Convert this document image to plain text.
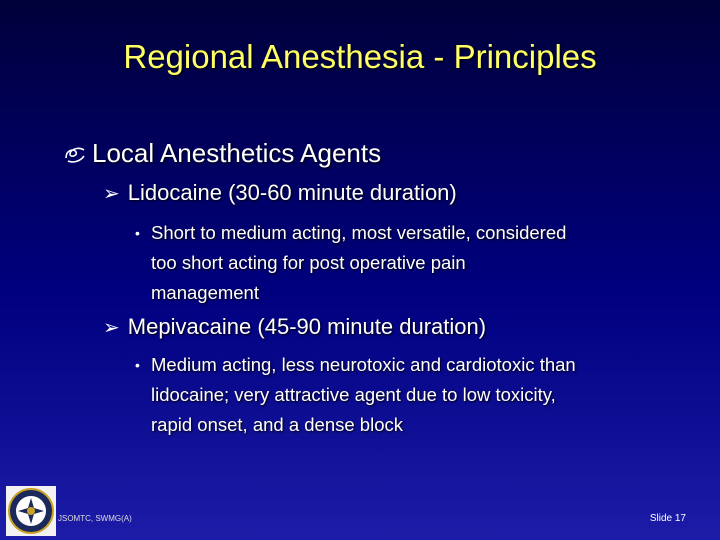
Regional Anesthesia - Principles
Local Anesthetics Agents
➢ Lidocaine (30-60 minute duration)
• Short to medium acting, most versatile, considered
too short acting for post operative pain
management
➢ Mepivacaine (45-90 minute duration)
• Medium acting, less neurotoxic and cardiotoxic than
lidocaine; very attractive agent due to low toxicity,
rapid onset, and a dense block
JSOMTC, SWMG(A)	Slide 17
